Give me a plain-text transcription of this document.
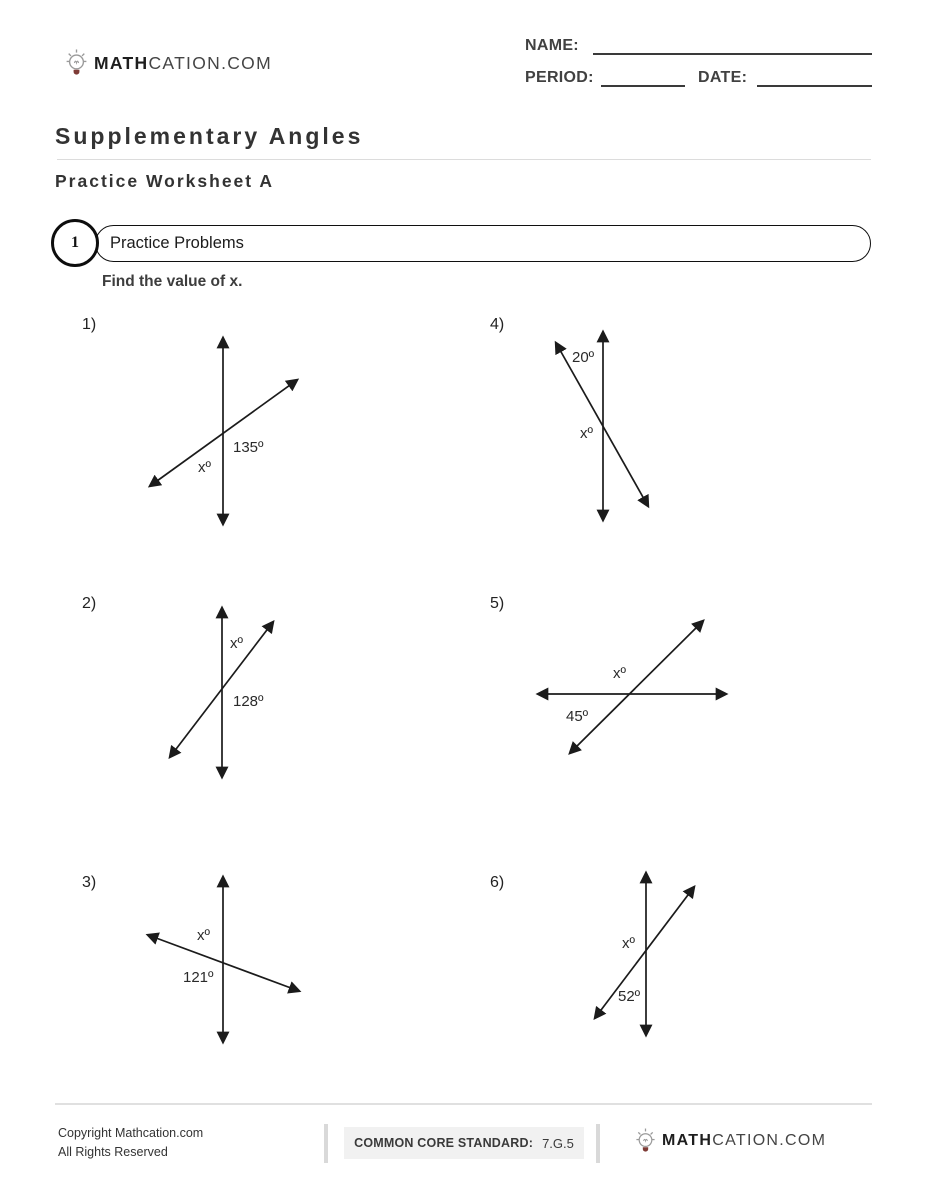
MATHCATION.COM
NAME:
PERIOD:	DATE:
Supplementary Angles
Practice Worksheet A
1 Practice Problems
Find the value of x.
1)
135º
xº
4)
20º
xº
2)
xº
128º
5)
xº
45º
3)
xº
121º
6)
xº
52º
Copyright Mathcation.com
All Rights Reserved
COMMON CORE STANDARD: 7.G.5	MATHCATION.COM
